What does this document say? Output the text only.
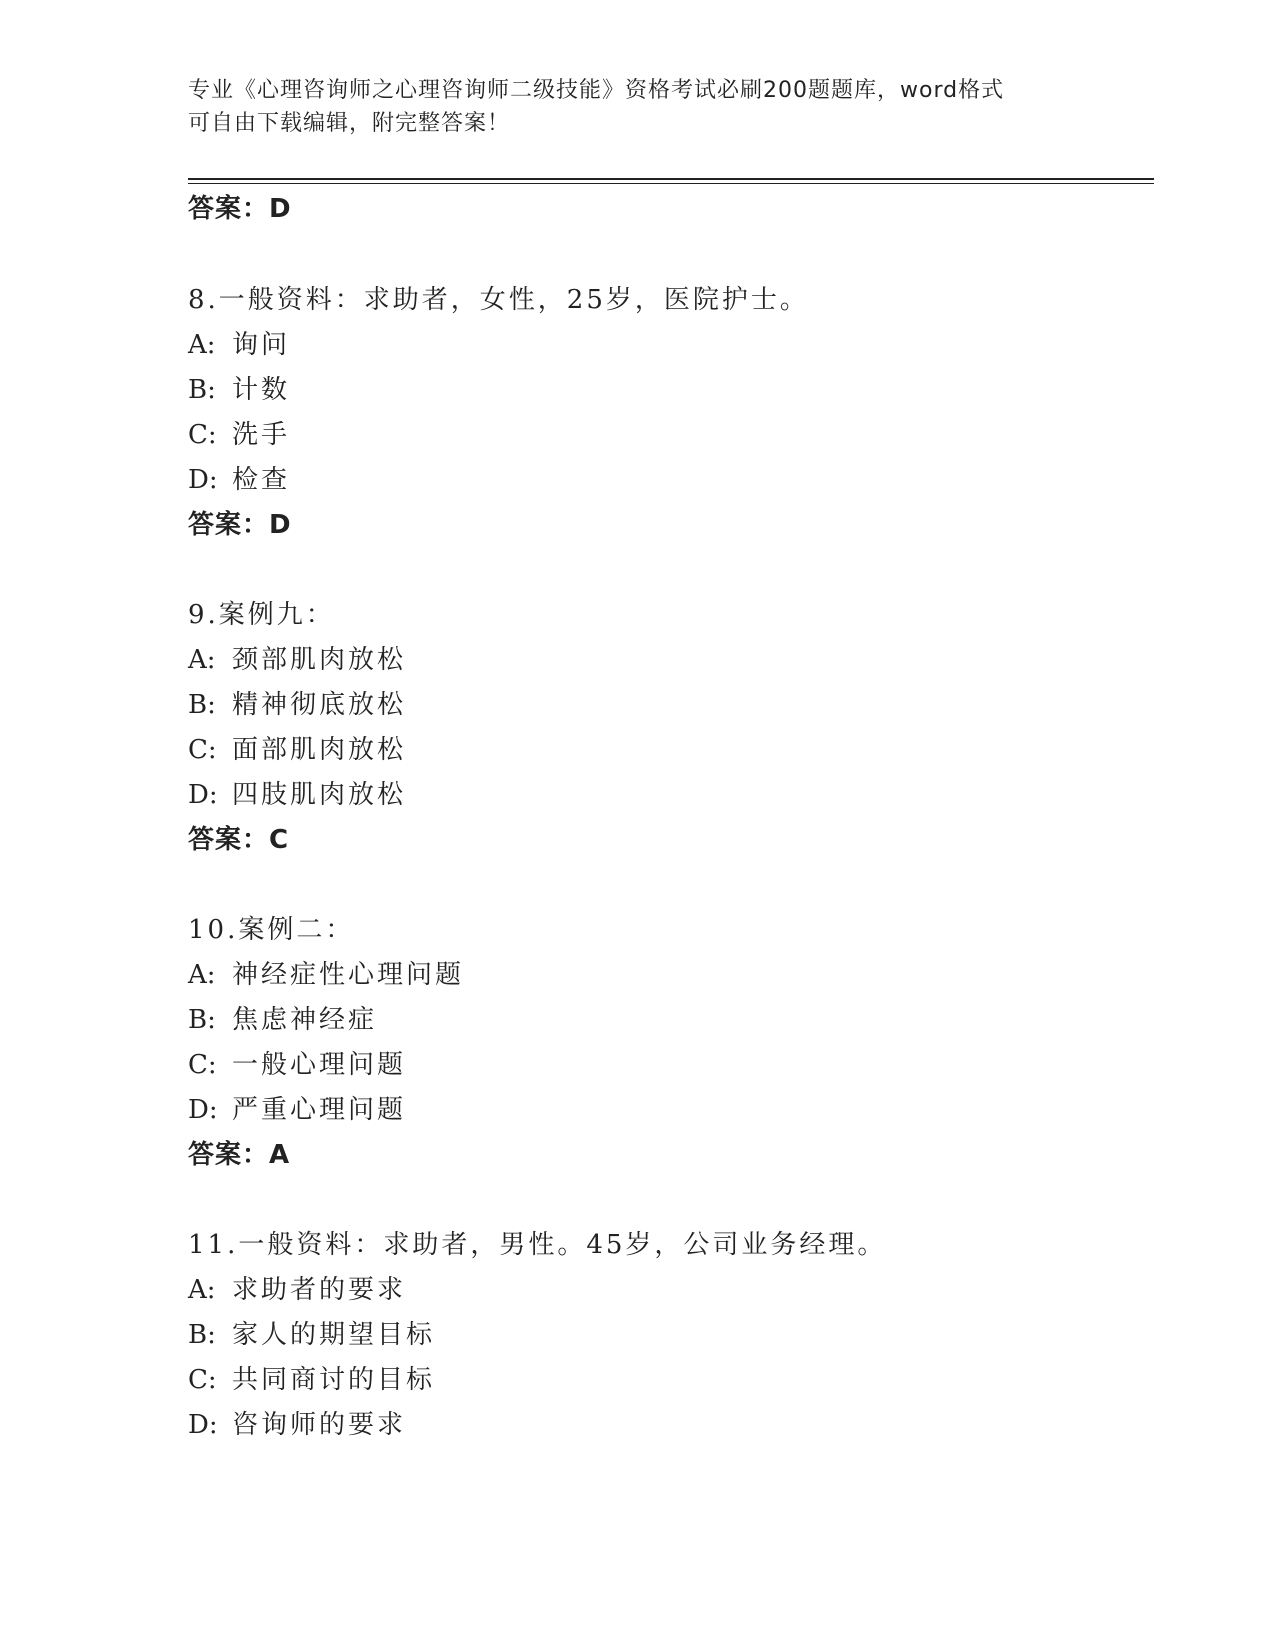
专业《心理咨询师之心理咨询师二级技能》资格考试必刷200题题库，word格式
可自由下载编辑，附完整答案！
答案：D
8.一般资料：求助者，女性，25岁，医院护士。
A: 询问
B: 计数
C: 洗手
D: 检查
答案：D
9.案例九：
A: 颈部肌肉放松
B: 精神彻底放松
C: 面部肌肉放松
D: 四肢肌肉放松
答案：C
10.案例二：
A: 神经症性心理问题
B: 焦虑神经症
C: 一般心理问题
D: 严重心理问题
答案：A
11.一般资料：求助者，男性。45岁，公司业务经理。
A: 求助者的要求
B: 家人的期望目标
C: 共同商讨的目标
D: 咨询师的要求
